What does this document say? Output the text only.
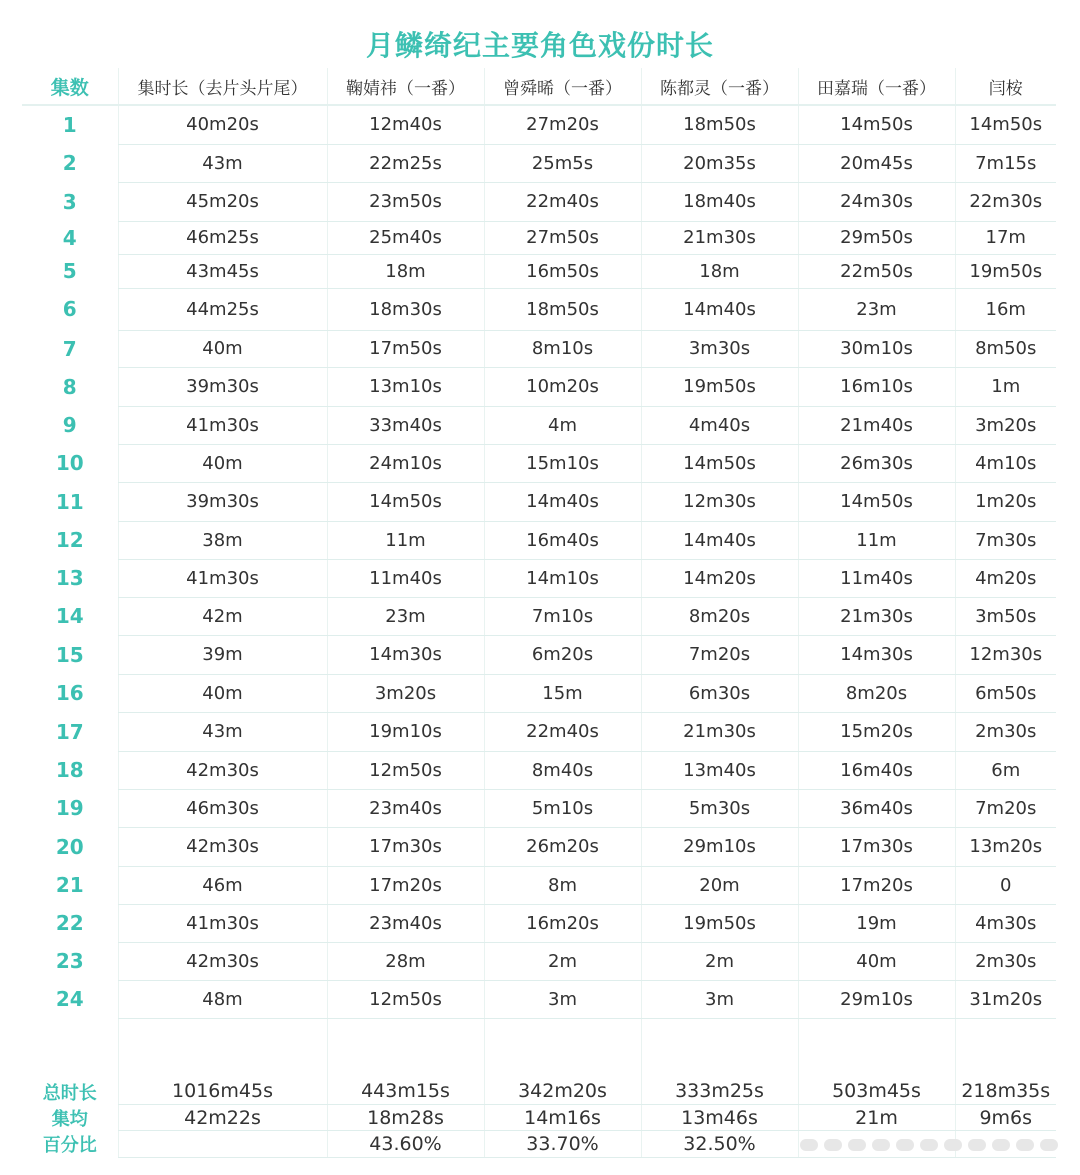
月鳞绮纪主要角色戏份时长
集数	集时长（去片头片尾）	鞠婧祎（一番）	曾舜晞（一番）	陈都灵（一番）	田嘉瑞（一番）	闫桉
1	40m20s	12m40s	27m20s	18m50s	14m50s	14m50s
2	43m	22m25s	25m5s	20m35s	20m45s	7m15s
3	45m20s	23m50s	22m40s	18m40s	24m30s	22m30s
4	46m25s	25m40s	27m50s	21m30s	29m50s	17m
5	43m45s	18m	16m50s	18m	22m50s	19m50s
6	44m25s	18m30s	18m50s	14m40s	23m	16m
7	40m	17m50s	8m10s	3m30s	30m10s	8m50s
8	39m30s	13m10s	10m20s	19m50s	16m10s	1m
9	41m30s	33m40s	4m	4m40s	21m40s	3m20s
10	40m	24m10s	15m10s	14m50s	26m30s	4m10s
11	39m30s	14m50s	14m40s	12m30s	14m50s	1m20s
12	38m	11m	16m40s	14m40s	11m	7m30s
13	41m30s	11m40s	14m10s	14m20s	11m40s	4m20s
14	42m	23m	7m10s	8m20s	21m30s	3m50s
15	39m	14m30s	6m20s	7m20s	14m30s	12m30s
16	40m	3m20s	15m	6m30s	8m20s	6m50s
17	43m	19m10s	22m40s	21m30s	15m20s	2m30s
18	42m30s	12m50s	8m40s	13m40s	16m40s	6m
19	46m30s	23m40s	5m10s	5m30s	36m40s	7m20s
20	42m30s	17m30s	26m20s	29m10s	17m30s	13m20s
21	46m	17m20s	8m	20m	17m20s	0
22	41m30s	23m40s	16m20s	19m50s	19m	4m30s
23	42m30s	28m	2m	2m	40m	2m30s
24	48m	12m50s	3m	3m	29m10s	31m20s

总时长	1016m45s	443m15s	342m20s	333m25s	503m45s	218m35s
集均	42m22s	18m28s	14m16s	13m46s	21m	9m6s
百分比		43.60%	33.70%	32.50%		
